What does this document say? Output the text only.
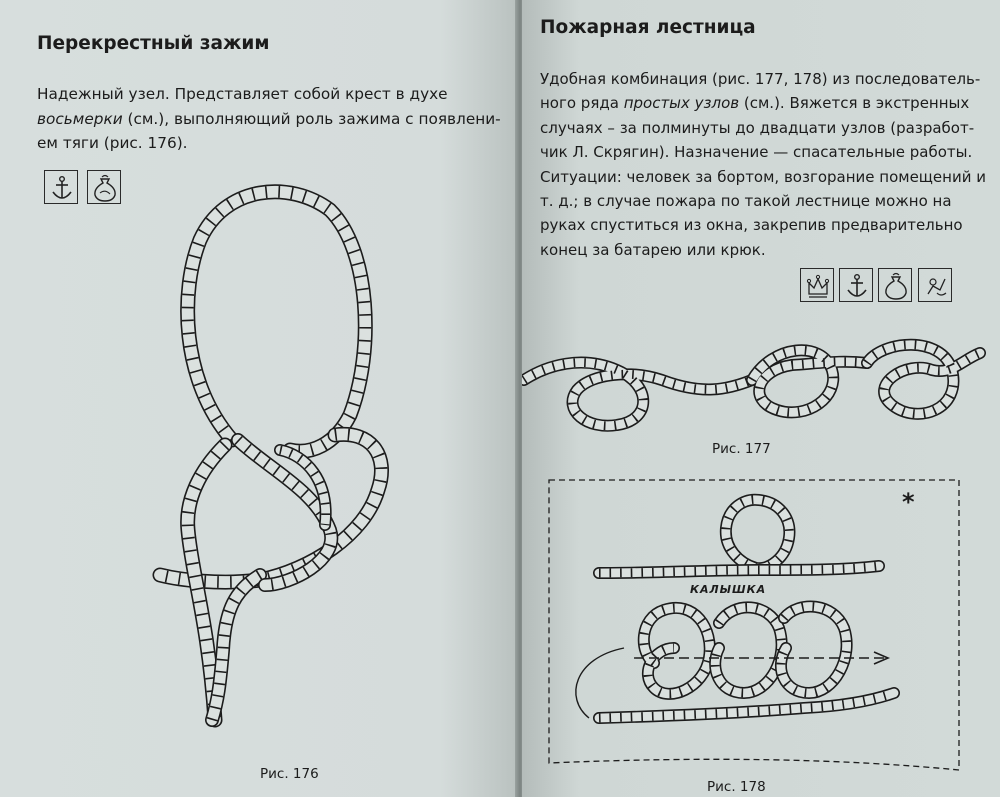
Перекрестный зажим

Надежный узел. Представляет собой крест в духе
восьмерки (см.), выполняющий роль зажима с появлени-
ем тяги (рис. 176).

Рис. 176
Пожарная лестница

Удобная комбинация (рис. 177, 178) из последователь-
ного ряда простых узлов (см.). Вяжется в экстренных
случаях – за полминуты до двадцати узлов (разработ-
чик Л. Скрягин). Назначение — спасательные работы.
Ситуации: человек за бортом, возгорание помещений и
т. д.; в случае пожара по такой лестнице можно на
руках спуститься из окна, закрепив предварительно
конец за батарею или крюк.

Рис. 177
*
КАЛЫШКА
Рис. 178
